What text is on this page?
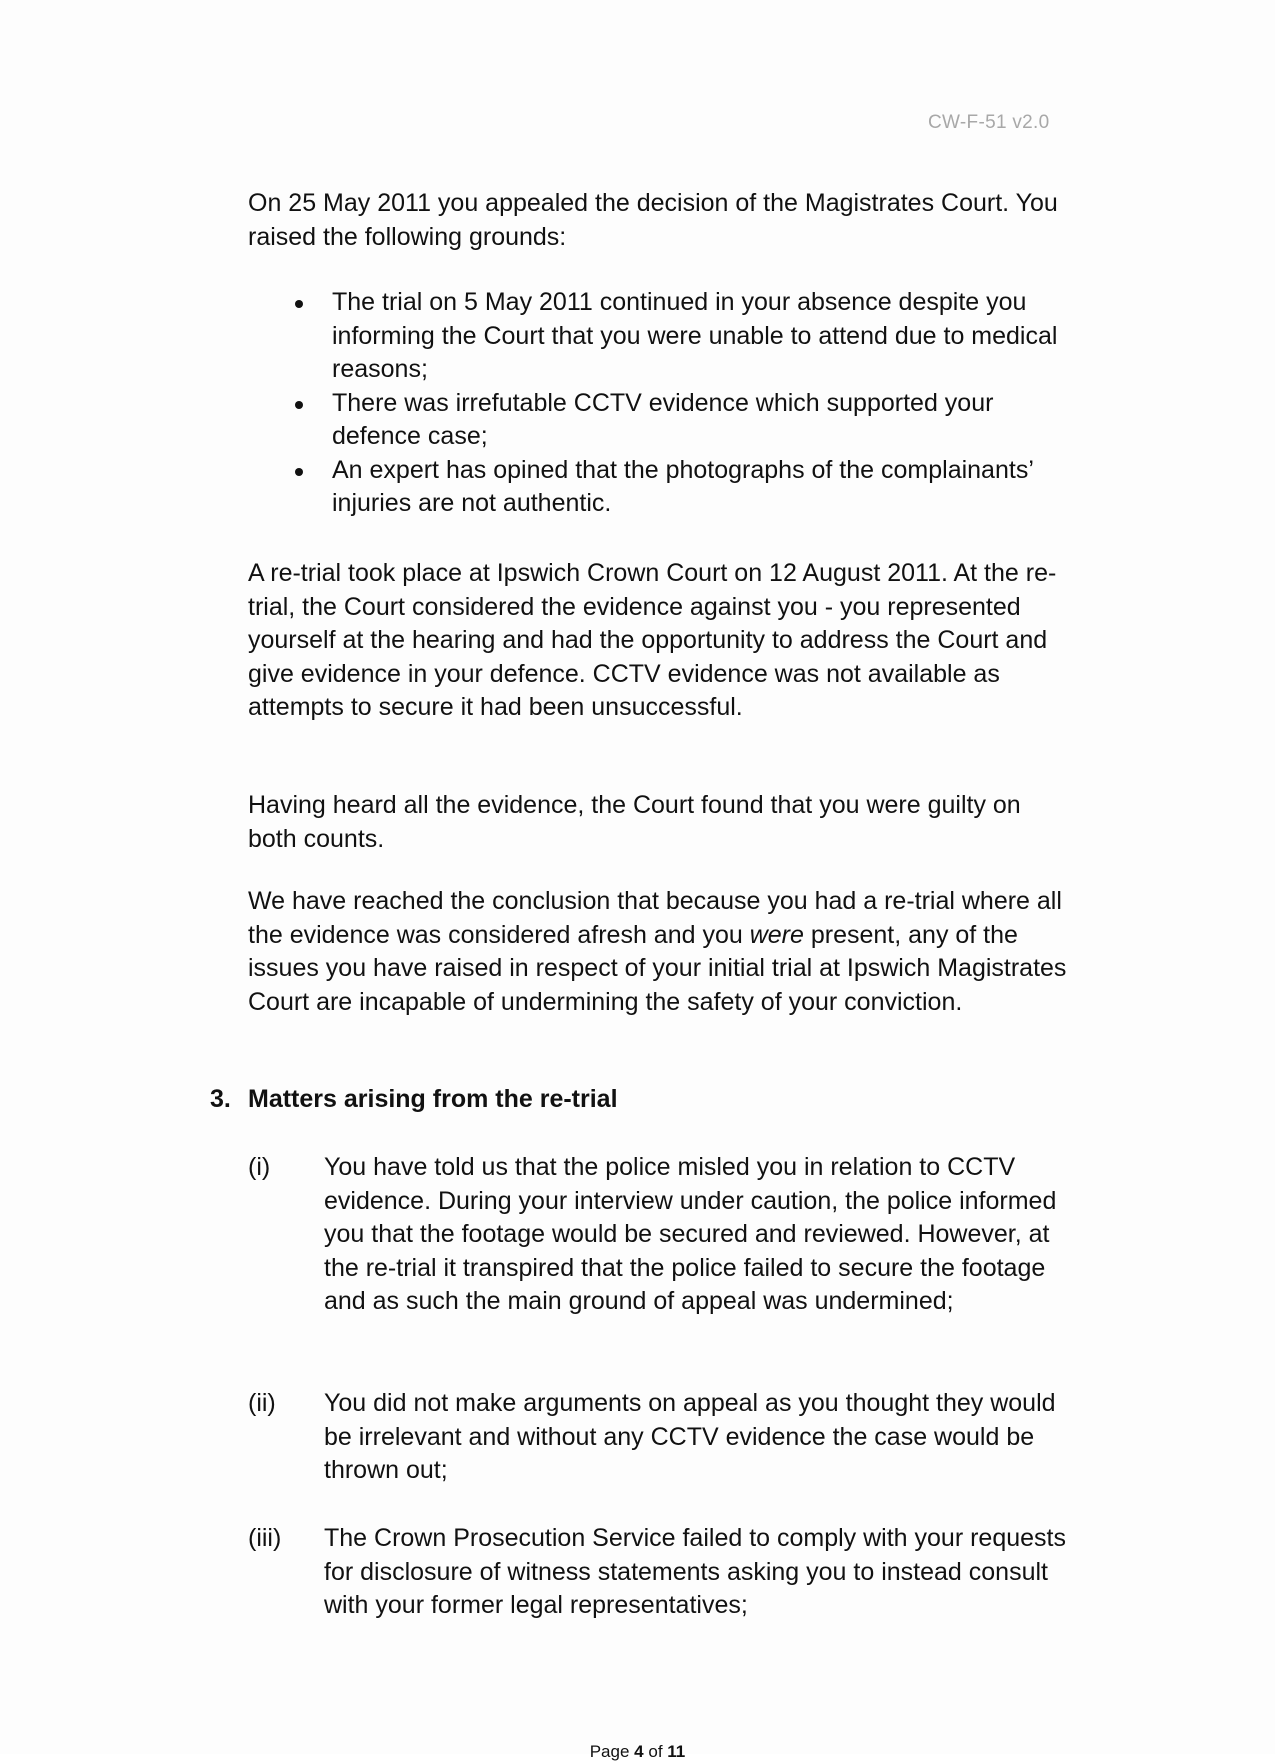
CW-F-51 v2.0

On 25 May 2011 you appealed the decision of the Magistrates Court. You raised the following grounds:

The trial on 5 May 2011 continued in your absence despite you informing the Court that you were unable to attend due to medical reasons;
There was irrefutable CCTV evidence which supported your defence case;
An expert has opined that the photographs of the complainants’ injuries are not authentic.

A re-trial took place at Ipswich Crown Court on 12 August 2011. At the re-trial, the Court considered the evidence against you - you represented yourself at the hearing and had the opportunity to address the Court and give evidence in your defence. CCTV evidence was not available as attempts to secure it had been unsuccessful.

Having heard all the evidence, the Court found that you were guilty on both counts.

We have reached the conclusion that because you had a re-trial where all the evidence was considered afresh and you were present, any of the issues you have raised in respect of your initial trial at Ipswich Magistrates Court are incapable of undermining the safety of your conviction.

3. Matters arising from the re-trial
(i)	You have told us that the police misled you in relation to CCTV evidence. During your interview under caution, the police informed you that the footage would be secured and reviewed. However, at the re-trial it transpired that the police failed to secure the footage and as such the main ground of appeal was undermined;
(ii)	You did not make arguments on appeal as you thought they would be irrelevant and without any CCTV evidence the case would be thrown out;
(iii)	The Crown Prosecution Service failed to comply with your requests for disclosure of witness statements asking you to instead consult with your former legal representatives;
Page 4 of 11
